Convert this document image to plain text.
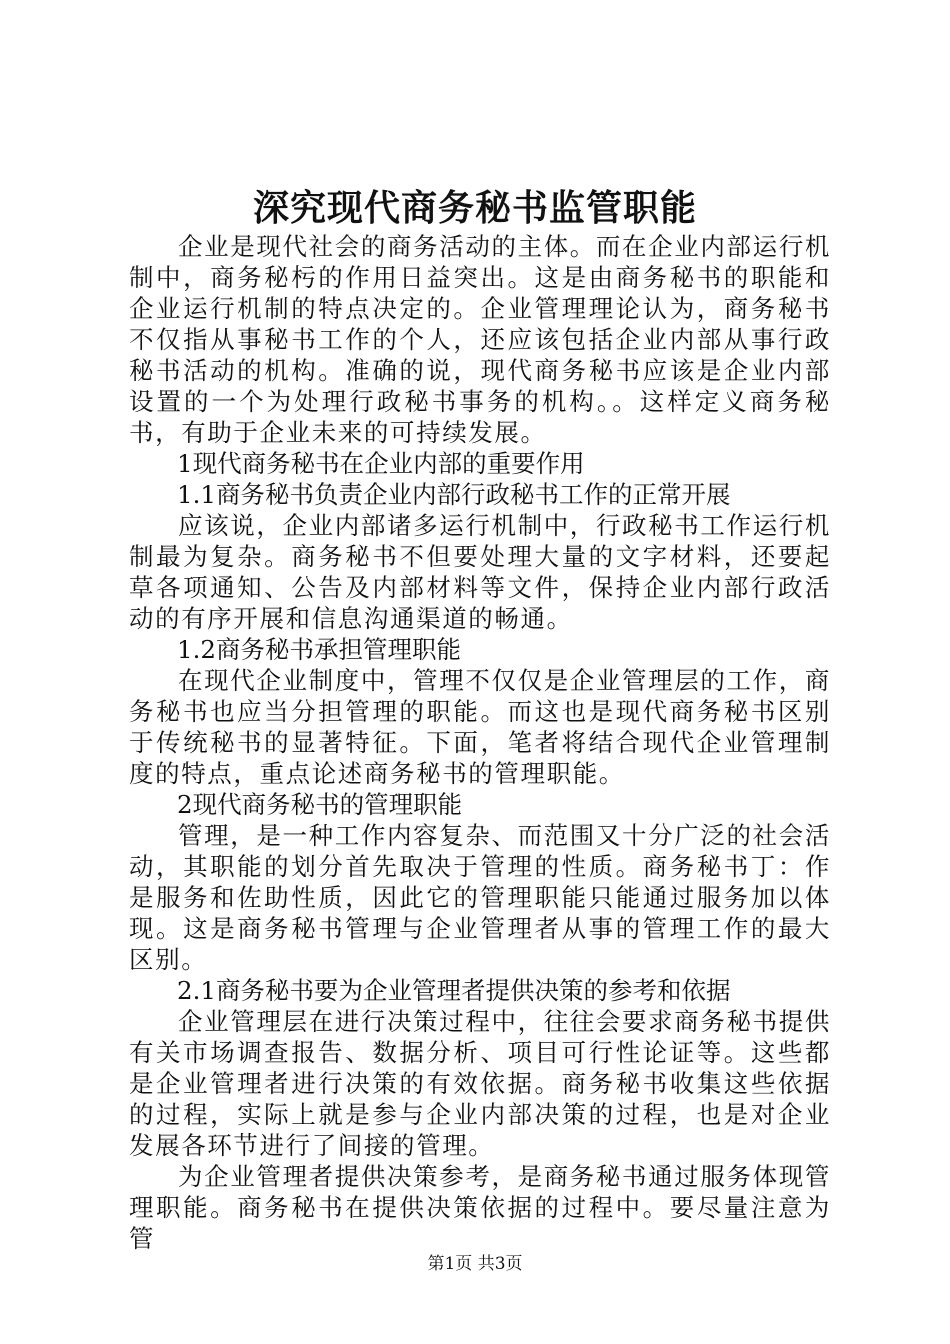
深究现代商务秘书监管职能

企业是现代社会的商务活动的主体。而在企业内部运行机制中，商务秘杇的作用日益突出。这是由商务秘书的职能和企业运行机制的特点决定的。企业管理理论认为，商务秘书不仅指从事秘书工作的个人，还应该包括企业内部从事行政秘书活动的机构。准确的说，现代商务秘书应该是企业内部设置的一个为处理行政秘书事务的机构。。这样定义商务秘书，有助于企业未来的可持续发展。

1现代商务秘书在企业内部的重要作用

1.1商务秘书负责企业内部行政秘书工作的正常开展

应该说，企业内部诸多运行机制中，行政秘书工作运行机制最为复杂。商务秘书不但要处理大量的文字材料，还要起草各项通知、公告及内部材料等文件，保持企业内部行政活动的有序开展和信息沟通渠道的畅通。

1.2商务秘书承担管理职能

在现代企业制度中，管理不仅仅是企业管理层的工作，商务秘书也应当分担管理的职能。而这也是现代商务秘书区别于传统秘书的显著特征。下面，笔者将结合现代企业管理制度的特点，重点论述商务秘书的管理职能。

2现代商务秘书的管理职能

管理，是一种工作内容复杂、而范围又十分广泛的社会活动，其职能的划分首先取决于管理的性质。商务秘书丁：作是服务和佐助性质，因此它的管理职能只能通过服务加以体现。这是商务秘书管理与企业管理者从事的管理工作的最大区别。

2.1商务秘书要为企业管理者提供决策的参考和依据

企业管理层在进行决策过程中，往往会要求商务秘书提供有关市场调查报告、数据分析、项目可行性论证等。这些都是企业管理者进行决策的有效依据。商务秘书收集这些依据的过程，实际上就是参与企业内部决策的过程，也是对企业发展各环节进行了间接的管理。

为企业管理者提供决策参考，是商务秘书通过服务体现管理职能。商务秘书在提供决策依据的过程中。要尽量注意为管

第1页 共3页
